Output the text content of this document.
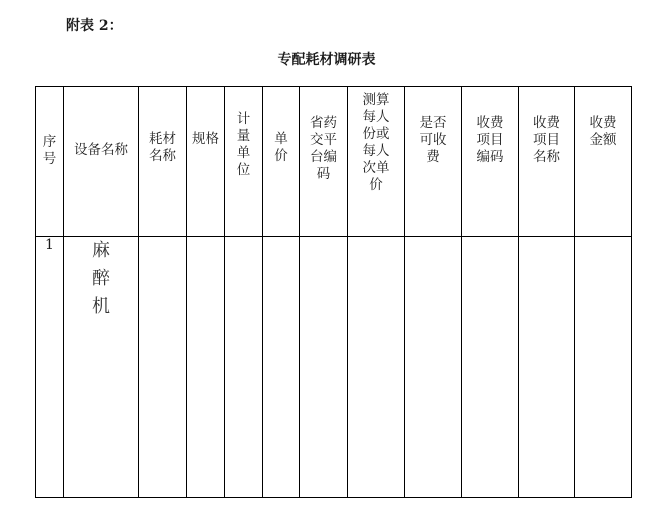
附表 2：
专配耗材调研表
序号	设备名称	耗材名称	规格	计量单位	单价	省药交平台编码	测算每人份或每人次单价	是否可收费	收费项目编码	收费项目名称	收费金额

1	麻醉机										
